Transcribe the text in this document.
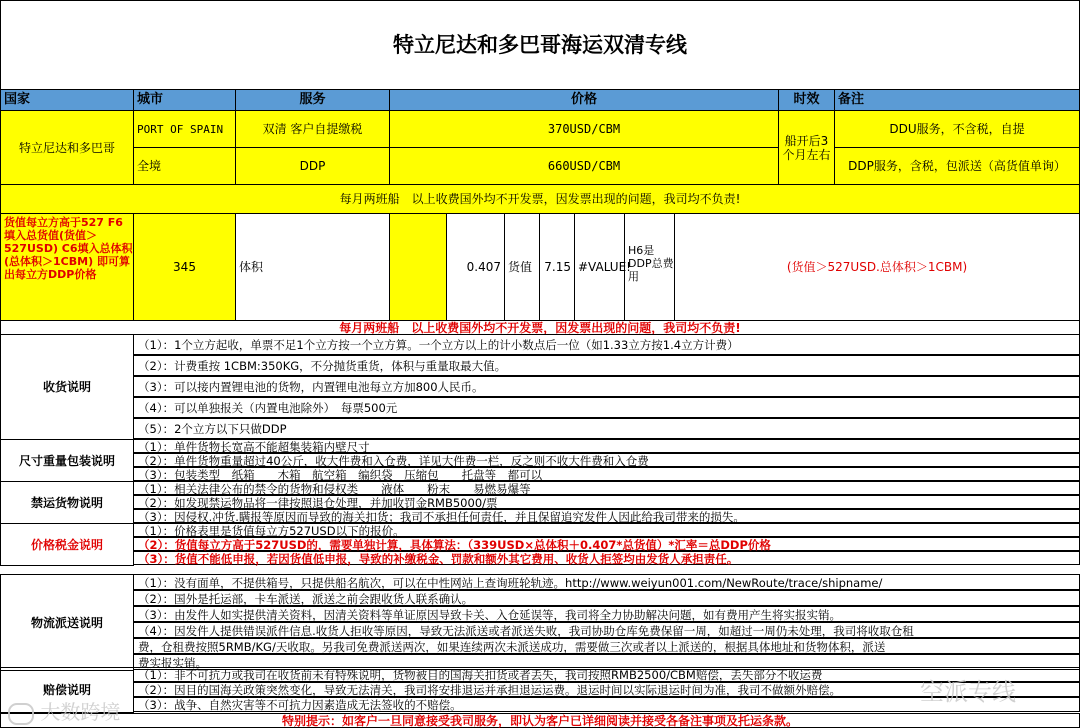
特立尼达和多巴哥海运双清专线
国家	城市	服务	价格	时效 备注
特立尼达和多巴哥
PORT OF SPAIN	双清 客户自提缴税	370USD/CBM	DDU服务，不含税，自提
全境	DDP	660USD/CBM	DDP服务，含税，包派送（高货值单询）
船开后3个月左右
每月两班船　以上收费国外均不开发票，因发票出现的问题，我司均不负责!
货值每立方高于527 F6填入总货值(货值＞527USD) C6填入总体积(总体积＞1CBM) 即可算出每立方DDP价格
345	体积	0.407 货值 7.15 #VALUE!
H6是DDP总费用
(货值＞527USD.总体积＞1CBM)
每月两班船　以上收费国外均不开发票，因发票出现的问题，我司均不负责!
收货说明
（1）：1个立方起收，单票不足1个立方按一个立方算。一个立方以上的计小数点后一位（如1.33立方按1.4立方计费）
（2）：计费重按 1CBM:350KG，不分抛货重货，体积与重量取最大值。
（3）：可以接内置锂电池的货物，内置锂电池每立方加800人民币。
（4）：可以单独报关（内置电池除外）　每票500元
（5）：2个立方以下只做DDP
尺寸重量包装说明
（1）：单件货物长宽高不能超集装箱内壁尺寸
（2）：单件货物重量超过40公斤，收大件费和入仓费，详见大件费一栏，反之则不收大件费和入仓费
（3）：包装类型　纸箱　　木箱　航空箱　编织袋　压缩包　　托盘等　都可以
禁运货物说明
（1）：相关法律公布的禁令的货物和侵权类　　液体　　粉末　　易燃易爆等
（2）：如发现禁运物品将一律按照退仓处理，并加收罚金RMB5000/票
（3）：因侵权.冲货.瞒报等原因而导致的海关扣货；我司不承担任何责任，并且保留追究发件人因此给我司带来的损失。
价格税金说明
（1）：价格表里是货值每立方527USD以下的报价。
（2）：货值每立方高于527USD的，需要单独计算，具体算法：（339USD×总体积＋0.407*总货值）*汇率＝总DDP价格
（3）：货值不能低申报，若因货值低申报，导致的补缴税金、罚款和额外其它费用、收货人拒签均由发货人承担责任。
物流派送说明
（1）：没有面单，不提供箱号，只提供船名航次，可以在中性网站上查询班轮轨迹。http://www.weiyun001.com/NewRoute/trace/shipname/
（2）：国外是托运部，卡车派送，派送之前会跟收货人联系确认。
（3）：由发件人如实提供清关资料，因清关资料等单证原因导致卡关、入仓延误等，我司将全力协助解决问题，如有费用产生将实报实销。
（4）：因发件人提供错误派件信息.收货人拒收等原因，导致无法派送或者派送失败，我司协助仓库免费保留一周，如超过一周仍未处理，我司将收取仓租
费，仓租费按照5RMB/KG/天收取。另我司免费派送两次，如果连续两次未派送成功，需要做三次或者以上派送的，根据具体地址和货物体积，派送
费实报实销。
赔偿说明
（1）：非不可抗力或我司在收货前未有特殊说明，货物被目的国海关扣货或者丢失，我司按照RMB2500/CBM赔偿，丢失部分不收运费
（2）：因目的国海关政策突然变化，导致无法清关，我司将安排退运并承担退运运费。退运时间以实际退运时间为准，我司不做额外赔偿。
（3）：战争、自然灾害等不可抗力因素造成无法签收的不赔偿。
特别提示：如客户一旦同意接受我司服务，即认为客户已详细阅读并接受各备注事项及托运条款。
大数跨境
空派专线
